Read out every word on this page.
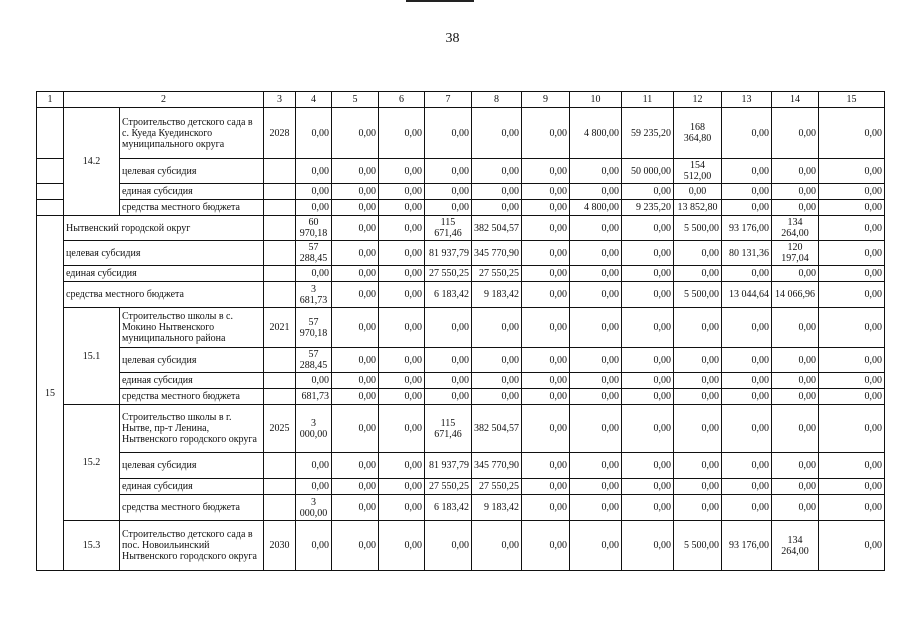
38
1	2		3	4	5	6	7	8	9	10	11	12	13	14	15
	14.2	Строительство детского сада в с. Куеда Куединского муниципального округа	2028	0,00	0,00	0,00	0,00	0,00	0,00	4 800,00	59 235,20	168 364,80	0,00	0,00	0,00
		целевая субсидия		0,00	0,00	0,00	0,00	0,00	0,00	0,00	50 000,00	154 512,00	0,00	0,00	0,00
		единая субсидия		0,00	0,00	0,00	0,00	0,00	0,00	0,00	0,00	0,00	0,00	0,00	0,00
		средства местного бюджета		0,00	0,00	0,00	0,00	0,00	0,00	4 800,00	9 235,20	13 852,80	0,00	0,00	0,00
15	Нытвенский городской округ			60 970,18	0,00	0,00	115 671,46	382 504,57	0,00	0,00	0,00	5 500,00	93 176,00	134 264,00	0,00
	целевая субсидия			57 288,45	0,00	0,00	81 937,79	345 770,90	0,00	0,00	0,00	0,00	80 131,36	120 197,04	0,00
	единая субсидия			0,00	0,00	0,00	27 550,25	27 550,25	0,00	0,00	0,00	0,00	0,00	0,00	0,00
	средства местного бюджета			3 681,73	0,00	0,00	6 183,42	9 183,42	0,00	0,00	0,00	5 500,00	13 044,64	14 066,96	0,00
	15.1	Строительство школы в с. Мокино Нытвенского муниципального района	2021	57 970,18	0,00	0,00	0,00	0,00	0,00	0,00	0,00	0,00	0,00	0,00	0,00
		целевая субсидия		57 288,45	0,00	0,00	0,00	0,00	0,00	0,00	0,00	0,00	0,00	0,00	0,00
		единая субсидия		0,00	0,00	0,00	0,00	0,00	0,00	0,00	0,00	0,00	0,00	0,00	0,00
		средства местного бюджета		681,73	0,00	0,00	0,00	0,00	0,00	0,00	0,00	0,00	0,00	0,00	0,00
	15.2	Строительство школы в г. Нытве, пр-т Ленина, Нытвенского городского округа	2025	3 000,00	0,00	0,00	115 671,46	382 504,57	0,00	0,00	0,00	0,00	0,00	0,00	0,00
		целевая субсидия		0,00	0,00	0,00	81 937,79	345 770,90	0,00	0,00	0,00	0,00	0,00	0,00	0,00
		единая субсидия		0,00	0,00	0,00	27 550,25	27 550,25	0,00	0,00	0,00	0,00	0,00	0,00	0,00
		средства местного бюджета		3 000,00	0,00	0,00	6 183,42	9 183,42	0,00	0,00	0,00	0,00	0,00	0,00	0,00
	15.3	Строительство детского сада в пос. Новоильинский Нытвенского городского округа	2030	0,00	0,00	0,00	0,00	0,00	0,00	0,00	0,00	5 500,00	93 176,00	134 264,00	0,00
